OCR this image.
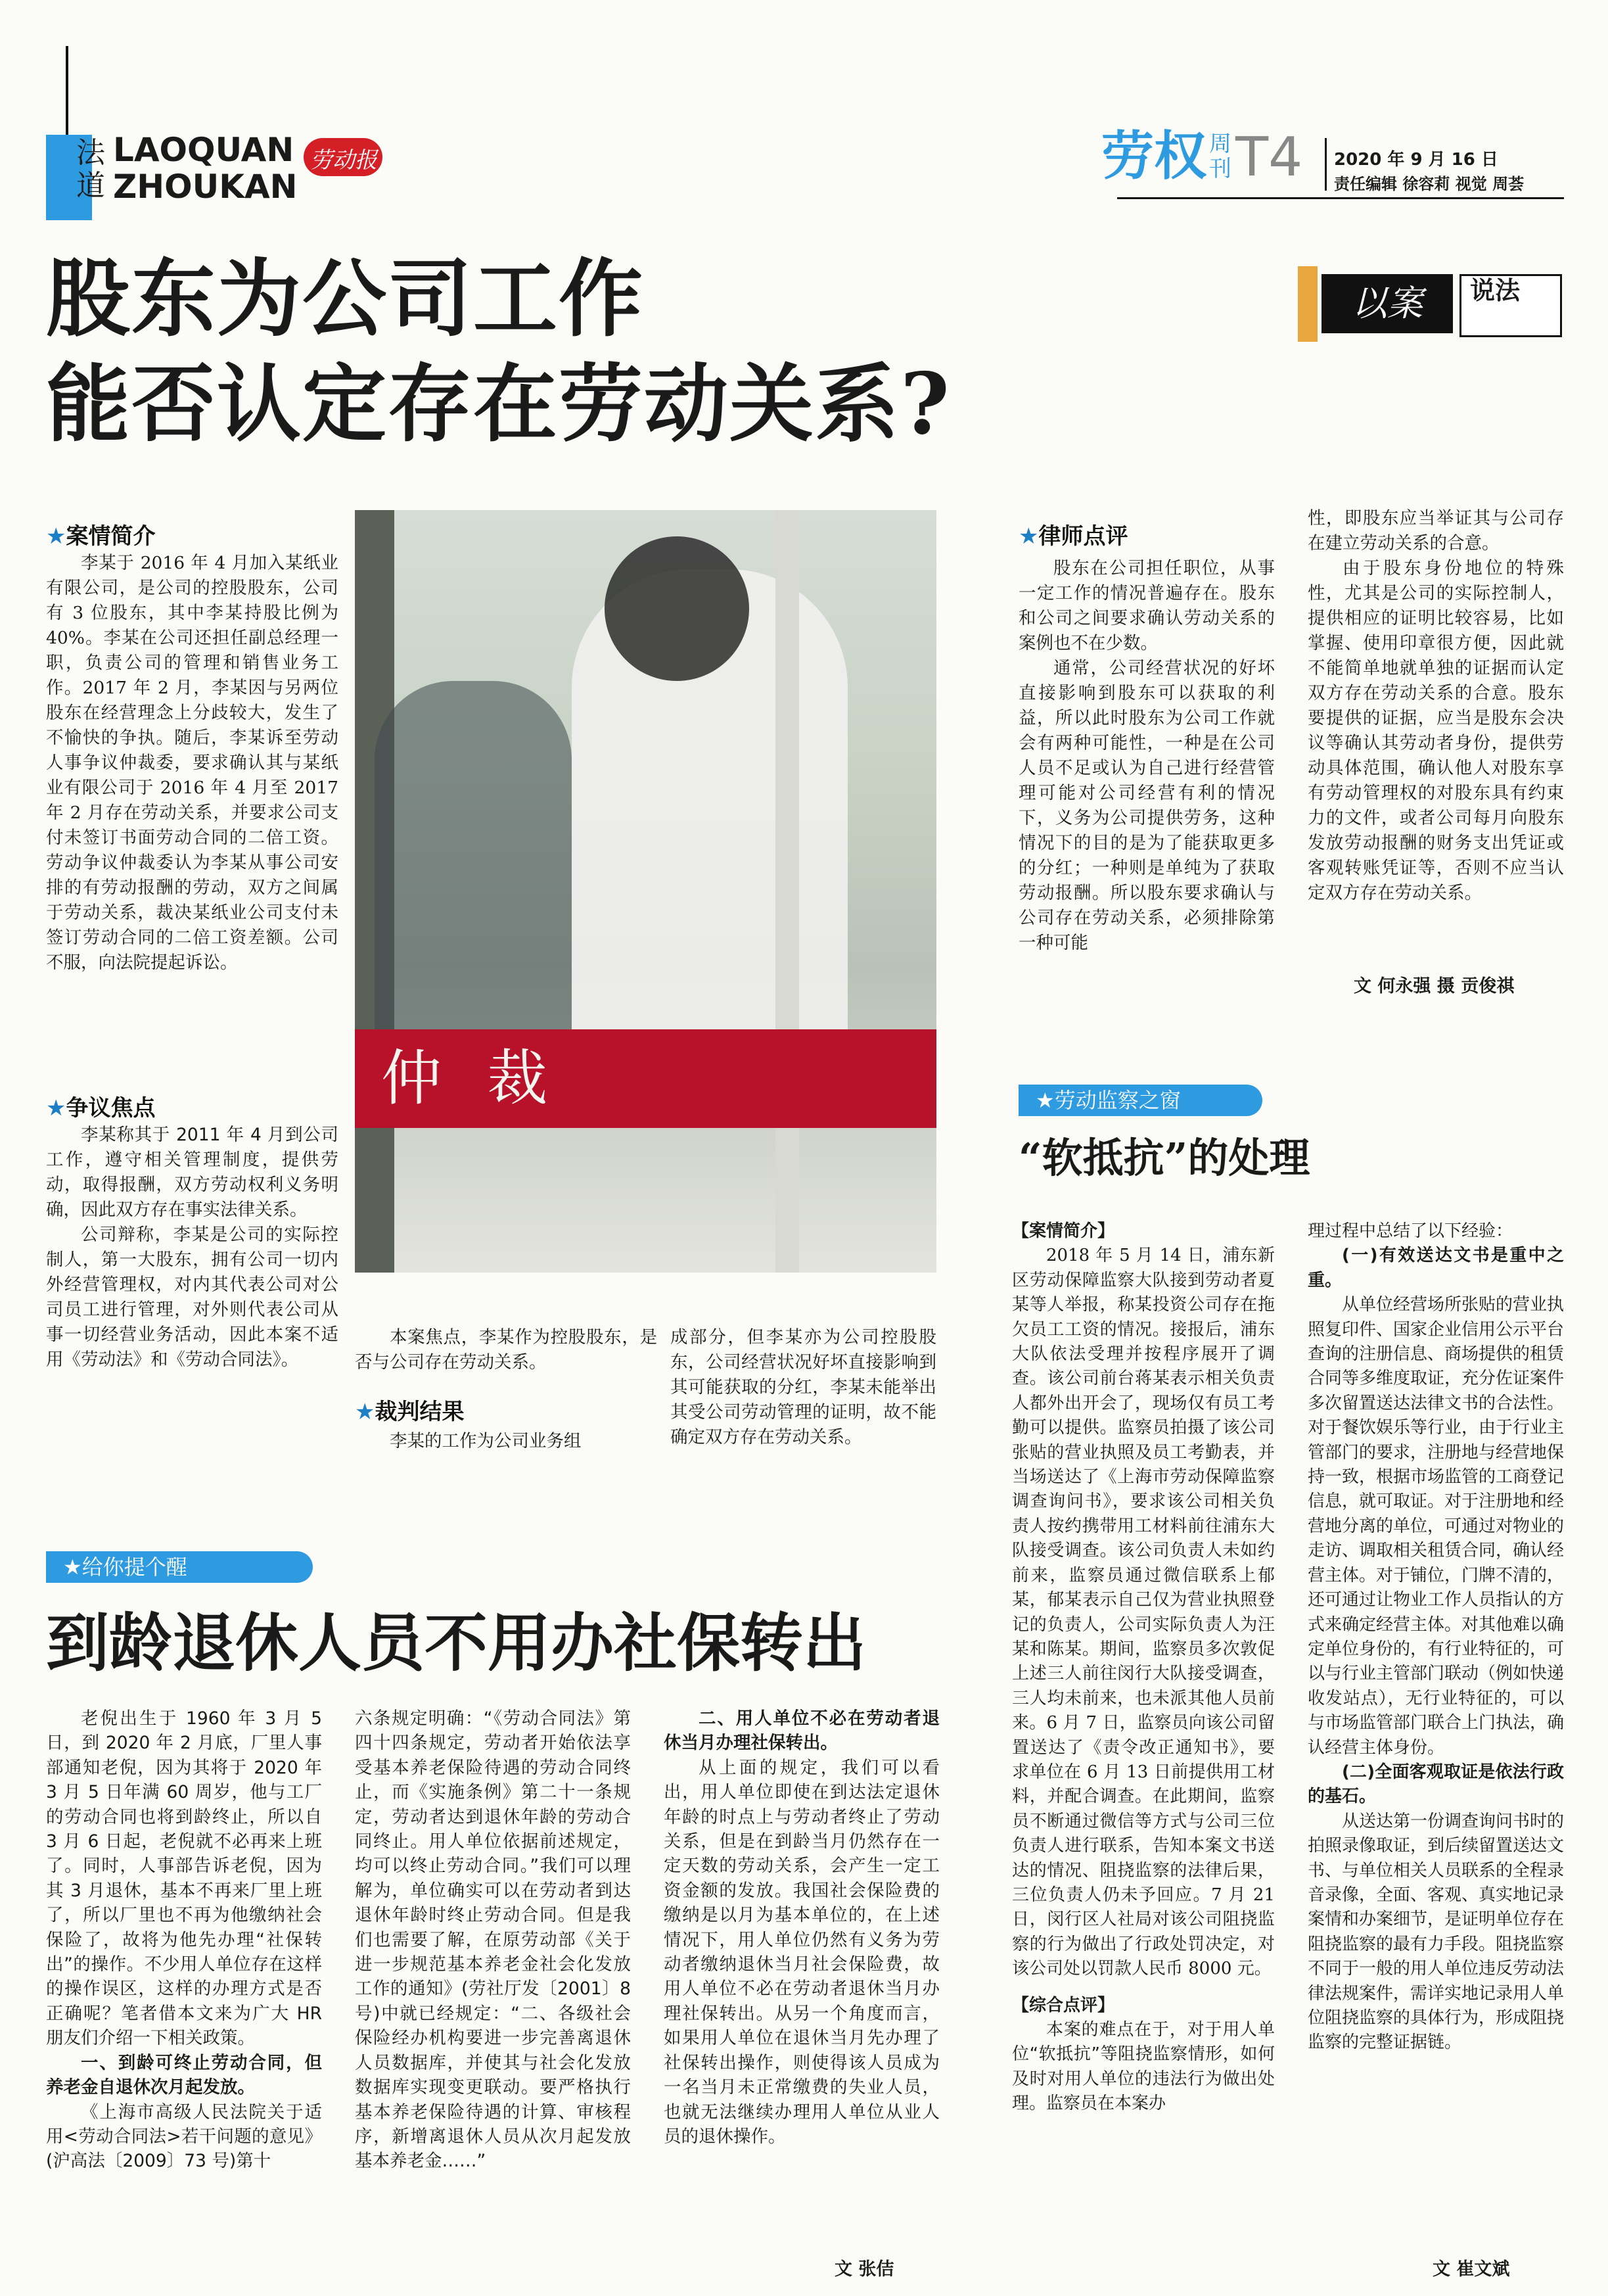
法道
LAOQUAN
ZHOUKAN
劳动报	劳权 周刊 T4 2020 年 9 月 16 日
责任编辑 徐容莉 视觉 周荟
以案	说法
股东为公司工作
能否认定存在劳动关系?
★案情简介

李某于 2016 年 4 月加入某纸业有限公司，是公司的控股股东，公司有 3 位股东，其中李某持股比例为 40%。李某在公司还担任副总经理一职，负责公司的管理和销售业务工作。2017 年 2 月，李某因与另两位股东在经营理念上分歧较大，发生了不愉快的争执。随后，李某诉至劳动人事争议仲裁委，要求确认其与某纸业有限公司于 2016 年 4 月至 2017 年 2 月存在劳动关系，并要求公司支付未签订书面劳动合同的二倍工资。劳动争议仲裁委认为李某从事公司安排的有劳动报酬的劳动，双方之间属于劳动关系，裁决某纸业公司支付未签订劳动合同的二倍工资差额。公司不服，向法院提起诉讼。

★争议焦点

李某称其于 2011 年 4 月到公司工作，遵守相关管理制度，提供劳动，取得报酬，双方劳动权利义务明确，因此双方存在事实法律关系。

公司辩称，李某是公司的实际控制人，第一大股东，拥有公司一切内外经营管理权，对内其代表公司对公司员工进行管理，对外则代表公司从事一切经营业务活动，因此本案不适用《劳动法》和《劳动合同法》。

仲 裁

本案焦点，李某作为控股股东，是否与公司存在劳动关系。

★裁判结果

李某的工作为公司业务组

成部分，但李某亦为公司控股股东，公司经营状况好坏直接影响到其可能获取的分红，李某未能举出其受公司劳动管理的证明，故不能确定双方存在劳动关系。

★律师点评

股东在公司担任职位，从事一定工作的情况普遍存在。股东和公司之间要求确认劳动关系的案例也不在少数。

通常，公司经营状况的好坏直接影响到股东可以获取的利益，所以此时股东为公司工作就会有两种可能性，一种是在公司人员不足或认为自己进行经营管理可能对公司经营有利的情况下，义务为公司提供劳务，这种情况下的目的是为了能获取更多的分红；一种则是单纯为了获取劳动报酬。所以股东要求确认与公司存在劳动关系，必须排除第一种可能

性，即股东应当举证其与公司存在建立劳动关系的合意。

由于股东身份地位的特殊性，尤其是公司的实际控制人，提供相应的证明比较容易，比如掌握、使用印章很方便，因此就不能简单地就单独的证据而认定双方存在劳动关系的合意。股东要提供的证据，应当是股东会决议等确认其劳动者身份，提供劳动具体范围，确认他人对股东享有劳动管理权的对股东具有约束力的文件，或者公司每月向股东发放劳动报酬的财务支出凭证或客观转账凭证等，否则不应当认定双方存在劳动关系。

文 何永强 摄 贡俊祺
★劳动监察之窗
“软抵抗”的处理

【案情简介】

2018 年 5 月 14 日，浦东新区劳动保障监察大队接到劳动者夏某等人举报，称某投资公司存在拖欠员工工资的情况。接报后，浦东大队依法受理并按程序展开了调查。该公司前台蒋某表示相关负责人都外出开会了，现场仅有员工考勤可以提供。监察员拍摄了该公司张贴的营业执照及员工考勤表，并当场送达了《上海市劳动保障监察调查询问书》，要求该公司相关负责人按约携带用工材料前往浦东大队接受调查。该公司负责人未如约前来，监察员通过微信联系上郁某，郁某表示自己仅为营业执照登记的负责人，公司实际负责人为汪某和陈某。期间，监察员多次敦促上述三人前往闵行大队接受调查，三人均未前来，也未派其他人员前来。6 月 7 日，监察员向该公司留置送达了《责令改正通知书》，要求单位在 6 月 13 日前提供用工材料，并配合调查。在此期间，监察员不断通过微信等方式与公司三位负责人进行联系，告知本案文书送达的情况、阻挠监察的法律后果，三位负责人仍未予回应。7 月 21 日，闵行区人社局对该公司阻挠监察的行为做出了行政处罚决定，对该公司处以罚款人民币 8000 元。

【综合点评】

本案的难点在于，对于用人单位“软抵抗”等阻挠监察情形，如何及时对用人单位的违法行为做出处理。监察员在本案办

理过程中总结了以下经验：

(一)有效送达文书是重中之重。

从单位经营场所张贴的营业执照复印件、国家企业信用公示平台查询的注册信息、商场提供的租赁合同等多维度取证，充分佐证案件多次留置送达法律文书的合法性。对于餐饮娱乐等行业，由于行业主管部门的要求，注册地与经营地保持一致，根据市场监管的工商登记信息，就可取证。对于注册地和经营地分离的单位，可通过对物业的走访、调取相关租赁合同，确认经营主体。对于铺位，门牌不清的，还可通过让物业工作人员指认的方式来确定经营主体。对其他难以确定单位身份的，有行业特征的，可以与行业主管部门联动（例如快递收发站点），无行业特征的，可以与市场监管部门联合上门执法，确认经营主体身份。

(二)全面客观取证是依法行政的基石。

从送达第一份调查询问书时的拍照录像取证，到后续留置送达文书、与单位相关人员联系的全程录音录像，全面、客观、真实地记录案情和办案细节，是证明单位存在阻挠监察的最有力手段。阻挠监察不同于一般的用人单位违反劳动法律法规案件，需详实地记录用人单位阻挠监察的具体行为，形成阻挠监察的完整证据链。

文 崔文斌
★给你提个醒
到龄退休人员不用办社保转出

老倪出生于 1960 年 3 月 5 日，到 2020 年 2 月底，厂里人事部通知老倪，因为其将于 2020 年 3 月 5 日年满 60 周岁，他与工厂的劳动合同也将到龄终止，所以自 3 月 6 日起，老倪就不必再来上班了。同时，人事部告诉老倪，因为其 3 月退休，基本不再来厂里上班了，所以厂里也不再为他缴纳社会保险了，故将为他先办理“社保转出”的操作。不少用人单位存在这样的操作误区，这样的办理方式是否正确呢？笔者借本文来为广大 HR 朋友们介绍一下相关政策。

一、到龄可终止劳动合同，但养老金自退休次月起发放。

《上海市高级人民法院关于适用<劳动合同法>若干问题的意见》(沪高法〔2009〕73 号)第十

六条规定明确：“《劳动合同法》第四十四条规定，劳动者开始依法享受基本养老保险待遇的劳动合同终止，而《实施条例》第二十一条规定，劳动者达到退休年龄的劳动合同终止。用人单位依据前述规定，均可以终止劳动合同。”我们可以理解为，单位确实可以在劳动者到达退休年龄时终止劳动合同。但是我们也需要了解，在原劳动部《关于进一步规范基本养老金社会化发放工作的通知》(劳社厅发〔2001〕8 号)中就已经规定：“二、各级社会保险经办机构要进一步完善离退休人员数据库，并使其与社会化发放数据库实现变更联动。要严格执行基本养老保险待遇的计算、审核程序，新增离退休人员从次月起发放基本养老金……”

二、用人单位不必在劳动者退休当月办理社保转出。

从上面的规定，我们可以看出，用人单位即使在到达法定退休年龄的时点上与劳动者终止了劳动关系，但是在到龄当月仍然存在一定天数的劳动关系，会产生一定工资金额的发放。我国社会保险费的缴纳是以月为基本单位的，在上述情况下，用人单位仍然有义务为劳动者缴纳退休当月社会保险费，故用人单位不必在劳动者退休当月办理社保转出。从另一个角度而言，如果用人单位在退休当月先办理了社保转出操作，则使得该人员成为一名当月未正常缴费的失业人员，也就无法继续办理用人单位从业人员的退休操作。

文 张佶
